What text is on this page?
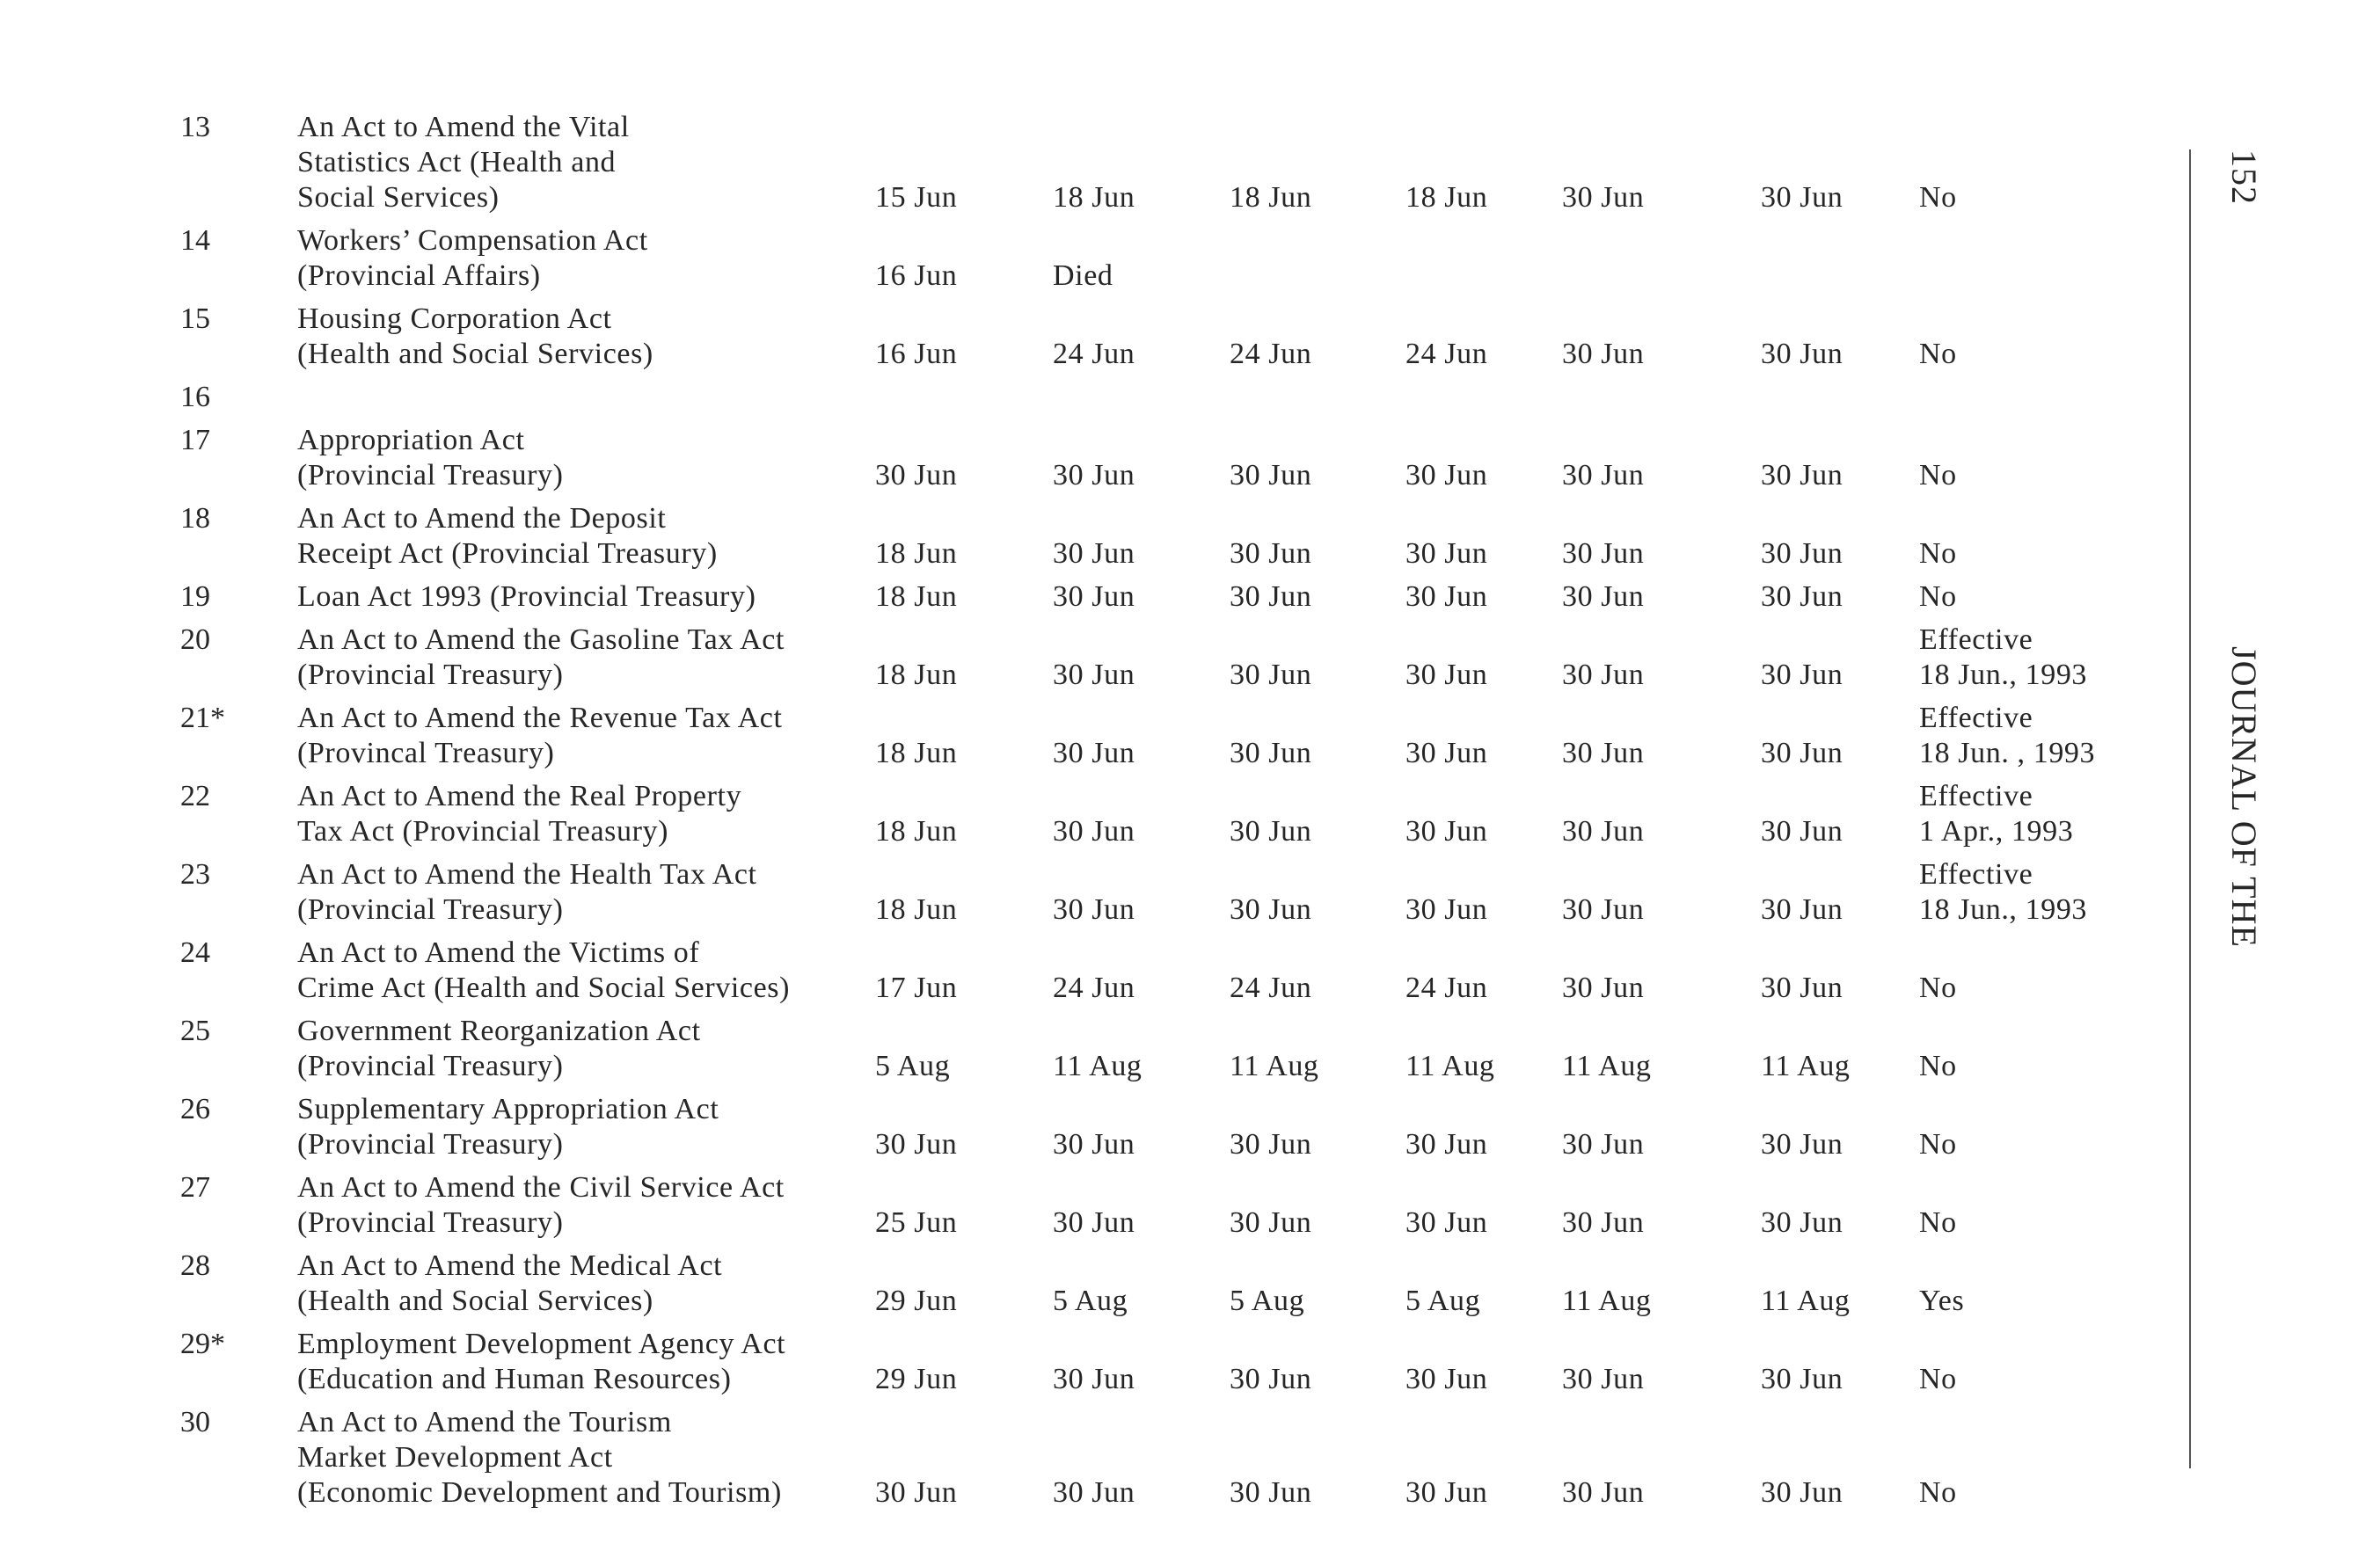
13	An Act to Amend the Vital
Statistics Act (Health and
Social Services)	15 Jun	18 Jun	18 Jun	18 Jun 30 Jun	30 Jun	No
14	Workers’ Compensation Act
(Provincial Affairs)	16 Jun	Died
15	Housing Corporation Act
(Health and Social Services)	16 Jun	24 Jun	24 Jun	24 Jun 30 Jun	30 Jun	No
16
17	Appropriation Act
(Provincial Treasury)	30 Jun	30 Jun	30 Jun	30 Jun 30 Jun	30 Jun	No
18	An Act to Amend the Deposit
Receipt Act (Provincial Treasury)	18 Jun	30 Jun	30 Jun	30 Jun 30 Jun	30 Jun	No
19	Loan Act 1993 (Provincial Treasury)	18 Jun	30 Jun	30 Jun	30 Jun 30 Jun	30 Jun	No
20	An Act to Amend the Gasoline Tax Act
(Provincial Treasury)	18 Jun	30 Jun	30 Jun	30 Jun 30 Jun	30 Jun
Effective
18 Jun., 1993
21* An Act to Amend the Revenue Tax Act
(Provincal Treasury)	18 Jun	30 Jun	30 Jun	30 Jun 30 Jun	30 Jun
Effective
18 Jun. , 1993
22	An Act to Amend the Real Property
Tax Act (Provincial Treasury)	18 Jun	30 Jun	30 Jun	30 Jun 30 Jun	30 Jun
Effective
1 Apr., 1993
23	An Act to Amend the Health Tax Act
(Provincial Treasury)	18 Jun	30 Jun	30 Jun	30 Jun 30 Jun	30 Jun
Effective
18 Jun., 1993
24	An Act to Amend the Victims of
Crime Act (Health and Social Services)	17 Jun	24 Jun	24 Jun	24 Jun 30 Jun	30 Jun	No
25	Government Reorganization Act
(Provincial Treasury)	5 Aug	11 Aug	11 Aug	11 Aug 11 Aug	11 Aug No
26	Supplementary Appropriation Act
(Provincial Treasury)	30 Jun	30 Jun	30 Jun	30 Jun 30 Jun	30 Jun	No
27	An Act to Amend the Civil Service Act
(Provincial Treasury)	25 Jun	30 Jun	30 Jun	30 Jun 30 Jun	30 Jun	No
28	An Act to Amend the Medical Act
(Health and Social Services)	29 Jun	5 Aug	5 Aug	5 Aug	11 Aug	11 Aug Yes
29* Employment Development Agency Act
(Education and Human Resources)	29 Jun	30 Jun	30 Jun	30 Jun 30 Jun	30 Jun	No
30	An Act to Amend the Tourism
Market Development Act
(Economic Development and Tourism)	30 Jun	30 Jun	30 Jun	30 Jun 30 Jun	30 Jun	No
152
JOURNAL OF THE
